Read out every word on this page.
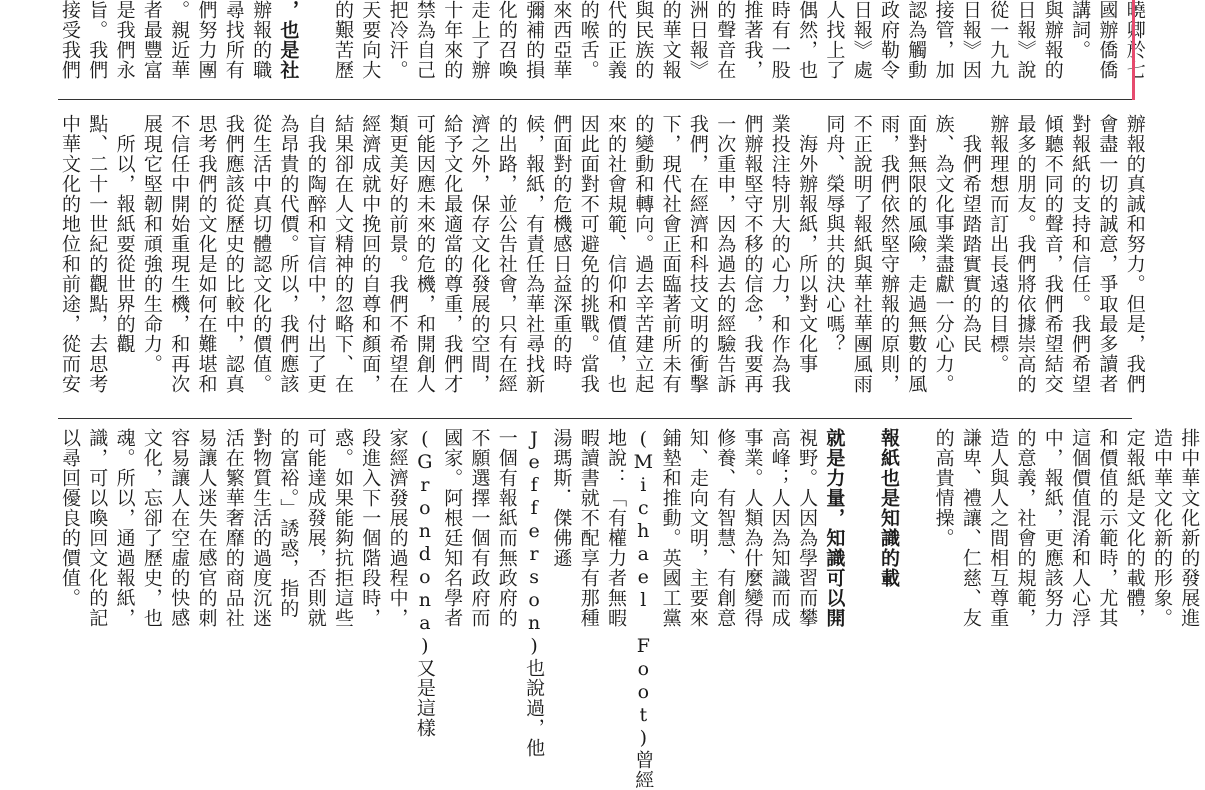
接受我們 旨。我們 是我們永 者最豐富 。親近華 們努力團 尋找所有 辦報的職 ，也是社 的艱苦歷 天要向大 把冷汗。 禁為自己 十年來的 走上了辦 化的召喚 彌補的損 來西亞華 的喉舌。 代的正義 與民族的 的華文報 洲日報》 的聲音在 推著我， 時有一股 偶然，也 人找上了 日報》處 政府勒令 認為觸動 接管，加 日報》因 從一九九 日報》說 與辦報的 講詞。 國辦僑僑
中華文化的地位和前途，從而安 點、二十一世紀的觀點，去思考 　所以，報紙要從世界的觀 展現它堅韌和頑強的生命力。 不信任中開始重現生機，和再次 思考我們的文化是如何在難堪和 我們應該從歷史的比較中，認真 從生活中真切體認文化的價值。 為昂貴的代價。所以，我們應該 自我的陶醉和盲信中，付出了更 結果卻在人文精神的忽略下、在 經濟成就中挽回的自尊和顏面， 類更美好的前景。我們不希望在 可能因應未來的危機，和開創人 給予文化最適當的尊重，我們才 濟之外，保存文化發展的空間， 的出路，並公告社會，只有在經 候，報紙，有責任為華社尋找新 們面對的危機感日益深重的時 因此面對不可避免的挑戰。當我 來的社會規範、信仰和價值，也 的變動和轉向。過去辛苦建立起 下，現代社會正面臨著前所未有 我們，在經濟和科技文明的衝擊 一次重申，因為過去的經驗告訴 們辦報堅守不移的信念，我要再 業投注特別大的心力，和作為我 　海外辦報紙，所以對文化事 同舟、榮辱與共的決心嗎？ 不正說明了報紙與華社華團風雨 雨，我們依然堅守辦報的原則， 面對無限的風險，走過無數的風 族、為文化事業盡獻一分心力。 　我們希望踏踏實實的為民 辦報理想而訂出長遠的目標。 最多的朋友。我們將依據崇高的 傾聽不同的聲音，我們希望結交 對報紙的支持和信任。我們希望 會盡一切的誠意，爭取最多讀者 辦報的真誠和努力。但是，我們
以尋回優良的價值。 識，可以喚回文化的記 魂。所以，通過報紙， 文化，忘卻了歷史，也 容易讓人在空虛的快感 易讓人迷失在感官的刺 活在繁華奢靡的商品社 對物質生活的過度沉迷 的富裕。」誘惑，指的 可能達成發展，否則就 惑。如果能夠抗拒這些 段進入下一個階段時， 家經濟發展的過程中， (Grondona)又是這樣 國家。阿根廷知名學者 不願選擇一個有政府而 一個有報紙而無政府的 Jefferson)也說過，他 湯瑪斯．傑佛遜 暇讀書就不配享有那種 地說：「有權力者無暇 (Michael Foot)曾經 鋪墊和推動。英國工黨 知、走向文明，主要來 修養、有智慧、有創意 事業。人類為什麼變得 高峰；人因為知識而成 視野。人因為學習而攀 就是力量，知識可以開 報紙也是知識的載 的高貴情操。 謙卑、禮讓、仁慈、友 造人與人之間相互尊重 的意義，社會的規範， 中，報紙，更應該努力 這個價值混淆和人心浮 和價值的示範時，尤其 定報紙是文化的載體， 造中華文化新的形象。 排中華文化新的發展進
